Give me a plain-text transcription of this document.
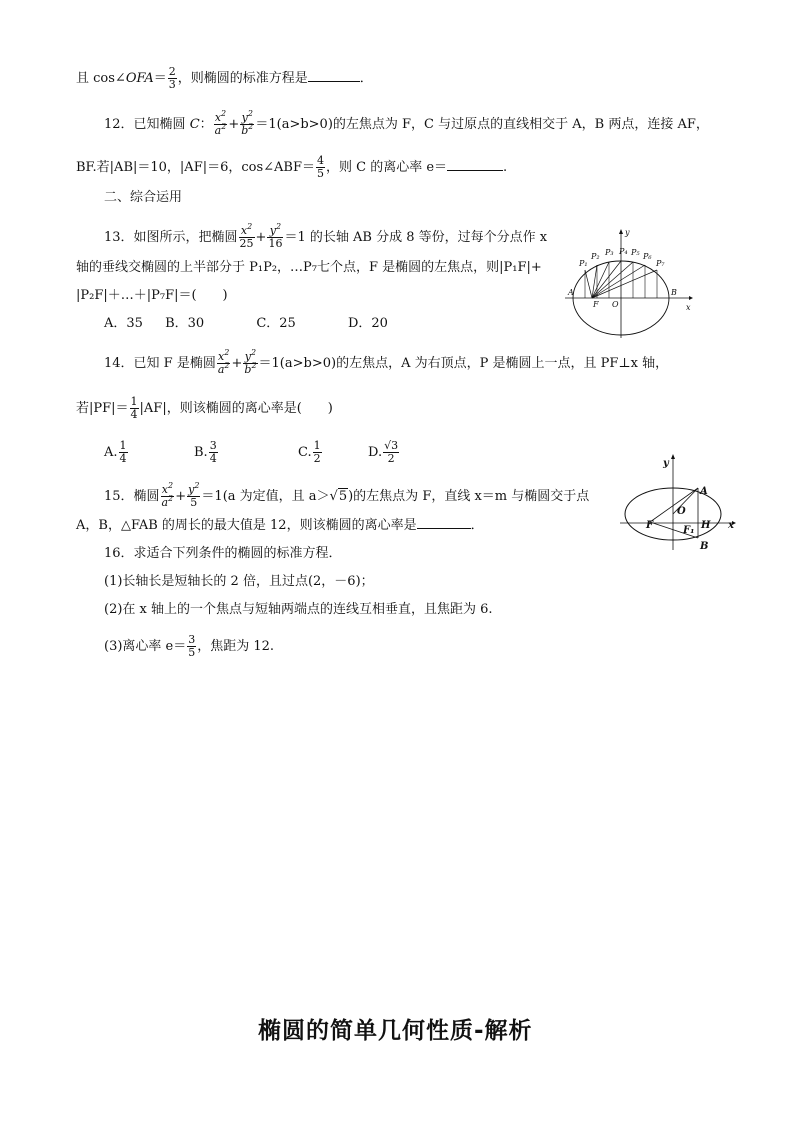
且 cos∠OFA＝ $\frac{2}{3}$ ，则椭圆的标准方程是	．
12．已知椭圆 C： $\frac{x^2}{a^2} + \frac{y^2}{b^2} =1(a>b>0)$的左焦点为 F，C 与过原点的直线相交于 A，B 两点，连接 AF，
BF.若|AB|＝10，|AF|＝6，cos∠ABF＝ $\frac{4}{5}$ ，则 C 的离心率 e＝	.
二、综合运用
13．如图所示，把椭圆 $\frac{x^2}{25} + \frac{y^2}{16} =1$ 的长轴 AB 分成 8 等份，过每个分点作 x
轴的垂线交椭圆的上半部分于 P₁P₂，…P₇七个点，F 是椭圆的左焦点，则|P₁F|+
|P₂F|＋…＋|P₇F|＝(　　)
A．35 B．30	C．25	D．20
y
x
A	B
F O
P₁
P₂ P₃ P₄ P₅ P₆
P₇
14．已知 F 是椭圆 $\frac{x^2}{a^2} + \frac{y^2}{b^2} =1(a>b>0)$的左焦点，A 为右顶点，P 是椭圆上一点，且 PF⊥x 轴，
若$|PF|= \frac{1}{4} |AF|$，则该椭圆的离心率是(　　)
A. $\frac{1}{4}$	B. $\frac{3}{4}$	C. $\frac{1}{2}$	D. $\frac{√3}{2}$
15．椭圆 $\frac{x^2}{a^2} + \frac{y^2}{5} =1(a$ 为定值，且 a＞√5)的左焦点为 F，直线 x＝m 与椭圆交于点
A，B，△FAB 的周长的最大值是 12，则该椭圆的离心率是	．
y
x
A
B
F
O
F₁ H
16．求适合下列条件的椭圆的标准方程．
(1)长轴长是短轴长的 2 倍，且过点(2，－6)；
(2)在 x 轴上的一个焦点与短轴两端点的连线互相垂直，且焦距为 6.
(3)离心率 $e= \frac{3}{5}$ ，焦距为 12.
椭圆的简单几何性质-解析
